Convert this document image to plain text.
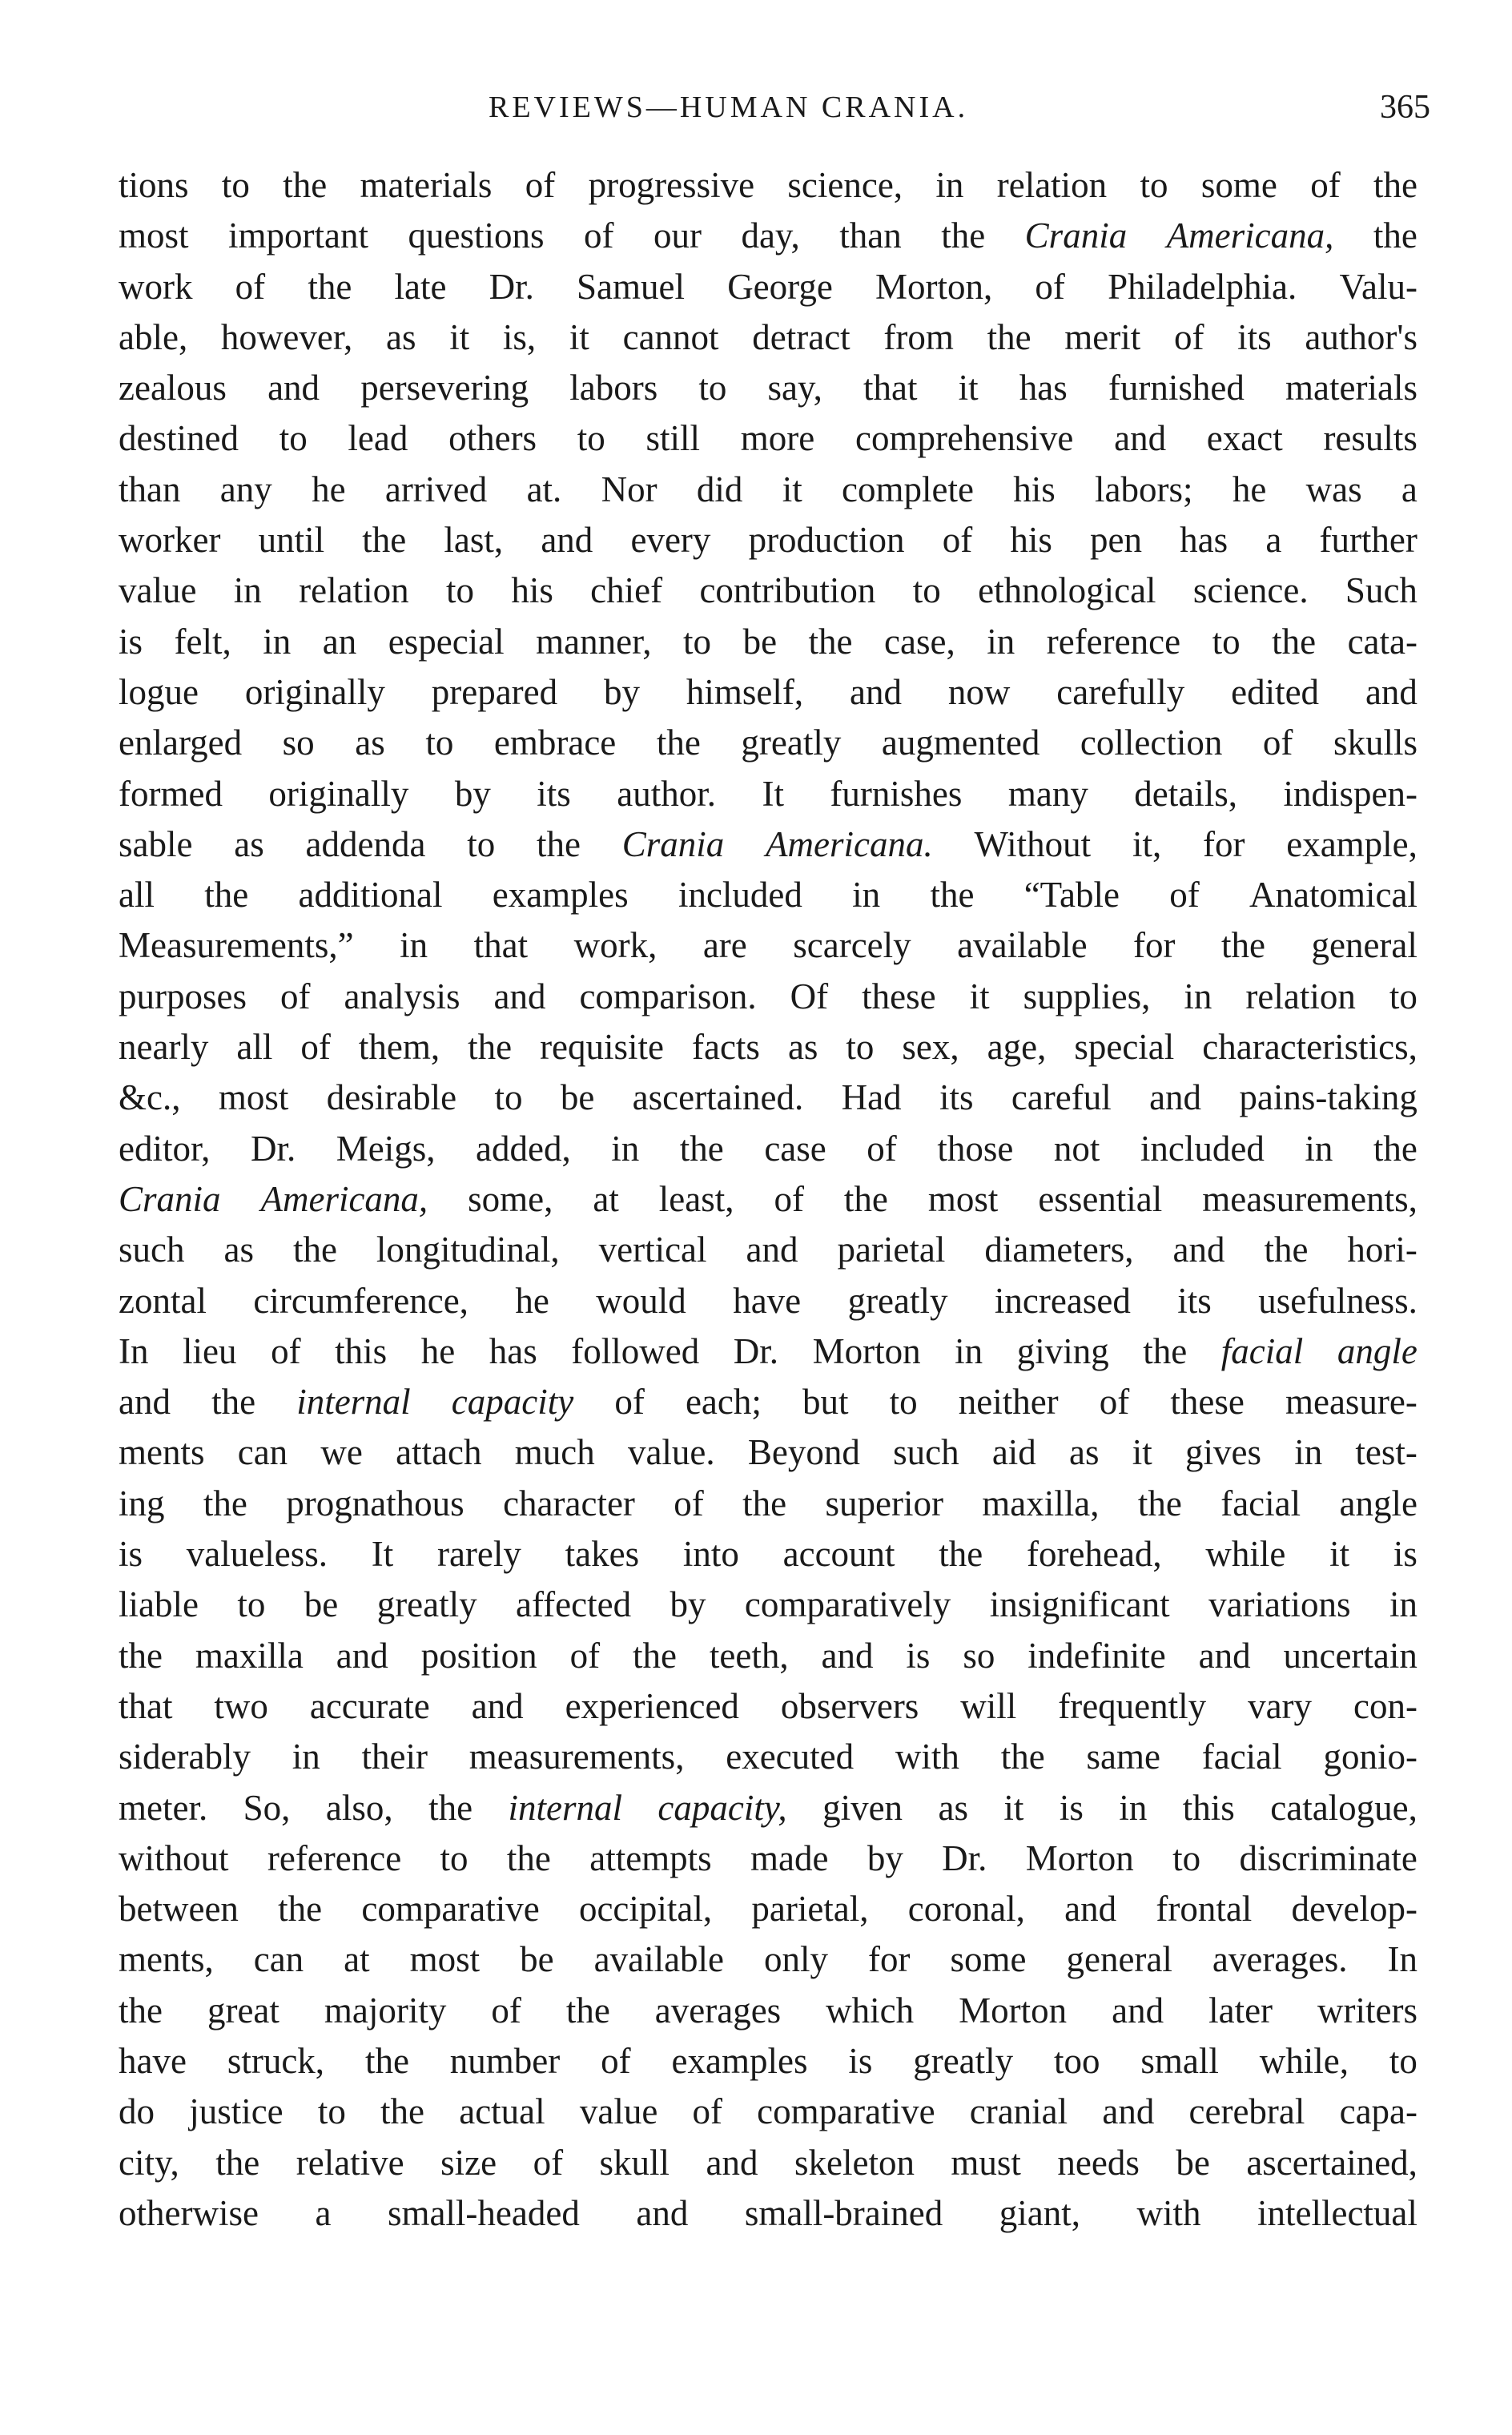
REVIEWS—HUMAN CRANIA.	365
tions to the materials of progressive science, in relation to some of the
most important questions of our day, than the Crania Americana, the
work of the late Dr. Samuel George Morton, of Philadelphia. Valu-
able, however, as it is, it cannot detract from the merit of its author's
zealous and persevering labors to say, that it has furnished materials
destined to lead others to still more comprehensive and exact results
than any he arrived at. Nor did it complete his labors; he was a
worker until the last, and every production of his pen has a further
value in relation to his chief contribution to ethnological science. Such
is felt, in an especial manner, to be the case, in reference to the cata-
logue originally prepared by himself, and now carefully edited and
enlarged so as to embrace the greatly augmented collection of skulls
formed originally by its author. It furnishes many details, indispen-
sable as addenda to the Crania Americana. Without it, for example,
all the additional examples included in the “Table of Anatomical
Measurements,” in that work, are scarcely available for the general
purposes of analysis and comparison. Of these it supplies, in relation to
nearly all of them, the requisite facts as to sex, age, special characteristics,
&c., most desirable to be ascertained. Had its careful and pains-taking
editor, Dr. Meigs, added, in the case of those not included in the
Crania Americana, some, at least, of the most essential measurements,
such as the longitudinal, vertical and parietal diameters, and the hori-
zontal circumference, he would have greatly increased its usefulness.
In lieu of this he has followed Dr. Morton in giving the facial angle
and the internal capacity of each; but to neither of these measure-
ments can we attach much value. Beyond such aid as it gives in test-
ing the prognathous character of the superior maxilla, the facial angle
is valueless. It rarely takes into account the forehead, while it is
liable to be greatly affected by comparatively insignificant variations in
the maxilla and position of the teeth, and is so indefinite and uncertain
that two accurate and experienced observers will frequently vary con-
siderably in their measurements, executed with the same facial gonio-
meter. So, also, the internal capacity, given as it is in this catalogue,
without reference to the attempts made by Dr. Morton to discriminate
between the comparative occipital, parietal, coronal, and frontal develop-
ments, can at most be available only for some general averages. In
the great majority of the averages which Morton and later writers
have struck, the number of examples is greatly too small while, to
do justice to the actual value of comparative cranial and cerebral capa-
city, the relative size of skull and skeleton must needs be ascertained,
otherwise a small-headed and small-brained giant, with intellectual
